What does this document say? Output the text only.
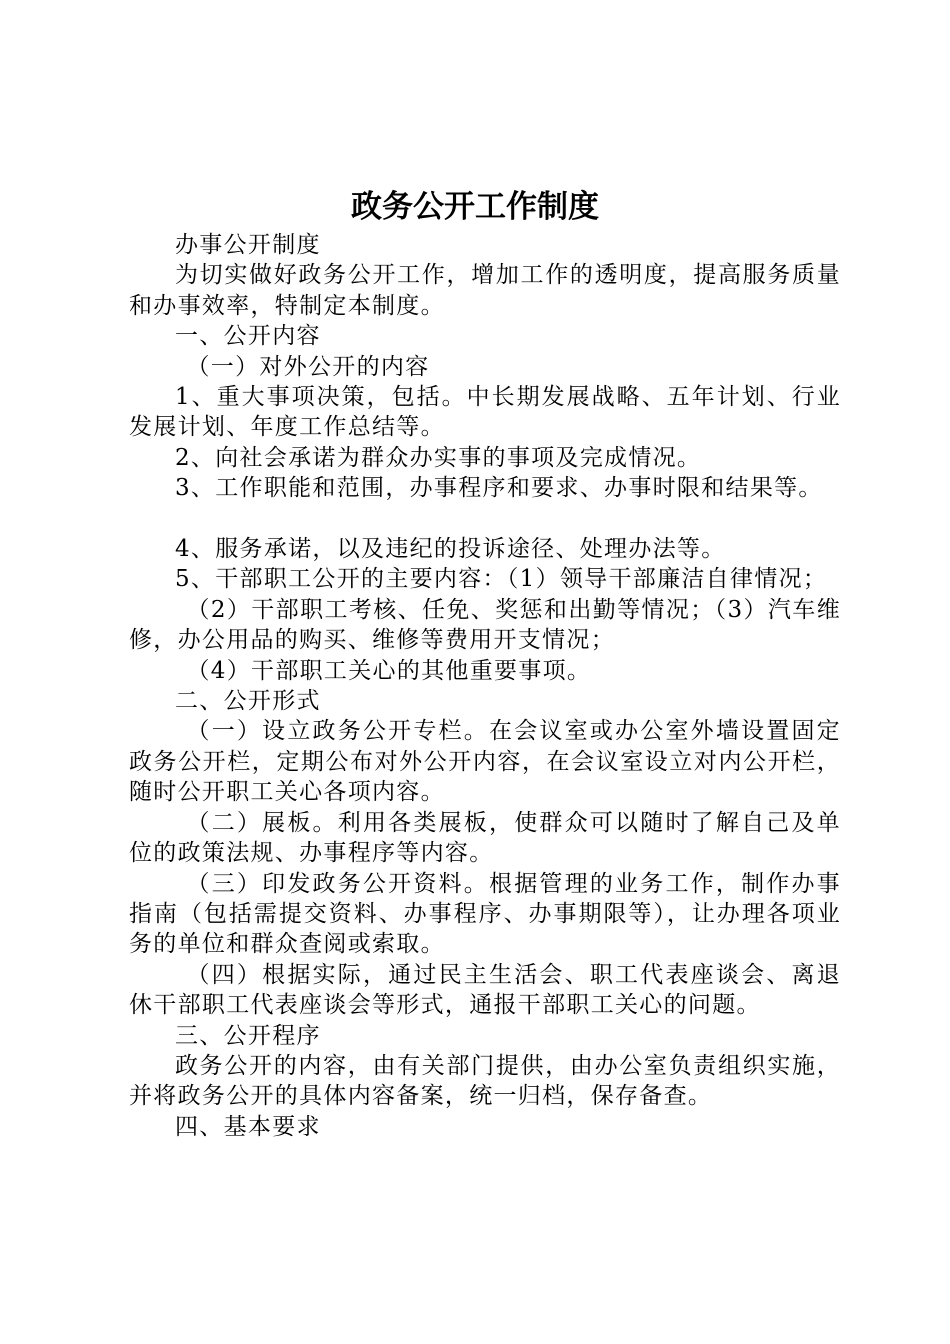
政务公开工作制度

办事公开制度

为切实做好政务公开工作，增加工作的透明度，提高服务质量和办事效率，特制定本制度。

一、公开内容

（一）对外公开的内容

1、重大事项决策，包括。中长期发展战略、五年计划、行业发展计划、年度工作总结等。

2、向社会承诺为群众办实事的事项及完成情况。

3、工作职能和范围，办事程序和要求、办事时限和结果等。

4、服务承诺，以及违纪的投诉途径、处理办法等。

5、干部职工公开的主要内容：（1）领导干部廉洁自律情况；

（2）干部职工考核、任免、奖惩和出勤等情况；（3）汽车维修，办公用品的购买、维修等费用开支情况；

（4）干部职工关心的其他重要事项。

二、公开形式

（一）设立政务公开专栏。在会议室或办公室外墙设置固定政务公开栏，定期公布对外公开内容，在会议室设立对内公开栏，随时公开职工关心各项内容。

（二）展板。利用各类展板，使群众可以随时了解自己及单位的政策法规、办事程序等内容。

（三）印发政务公开资料。根据管理的业务工作，制作办事指南（包括需提交资料、办事程序、办事期限等），让办理各项业务的单位和群众查阅或索取。

（四）根据实际，通过民主生活会、职工代表座谈会、离退休干部职工代表座谈会等形式，通报干部职工关心的问题。

三、公开程序

政务公开的内容，由有关部门提供，由办公室负责组织实施，并将政务公开的具体内容备案，统一归档，保存备查。

四、基本要求
